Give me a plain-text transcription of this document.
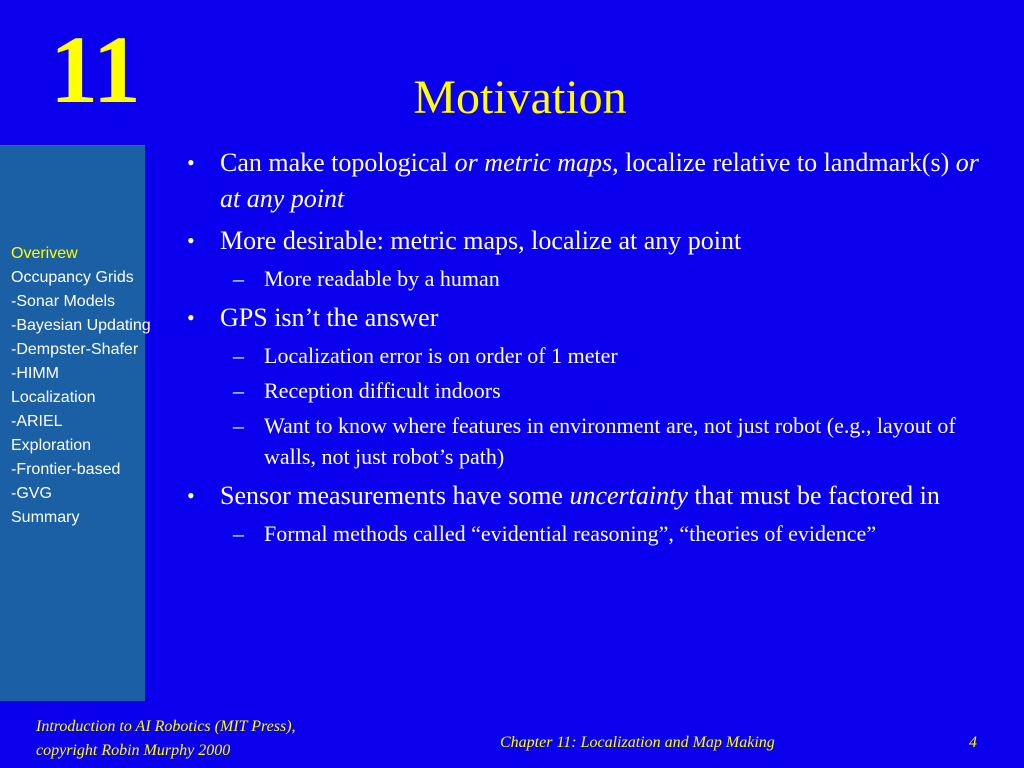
11	Motivation
Overivew
Occupancy Grids
-Sonar Models
-Bayesian Updating
-Dempster-Shafer
-HIMM
Localization
-ARIEL
Exploration
-Frontier-based
-GVG
Summary
• Can make topological or metric maps, localize relative to landmark(s) or at any point
• More desirable: metric maps, localize at any point
– More readable by a human
• GPS isn’t the answer
– Localization error is on order of 1 meter
– Reception difficult indoors
– Want to know where features in environment are, not just robot (e.g., layout of walls, not just robot’s path)
• Sensor measurements have some uncertainty that must be factored in
– Formal methods called “evidential reasoning”, “theories of evidence”
Introduction to AI Robotics (MIT Press),
copyright Robin Murphy 2000	Chapter 11: Localization and Map Making	4
